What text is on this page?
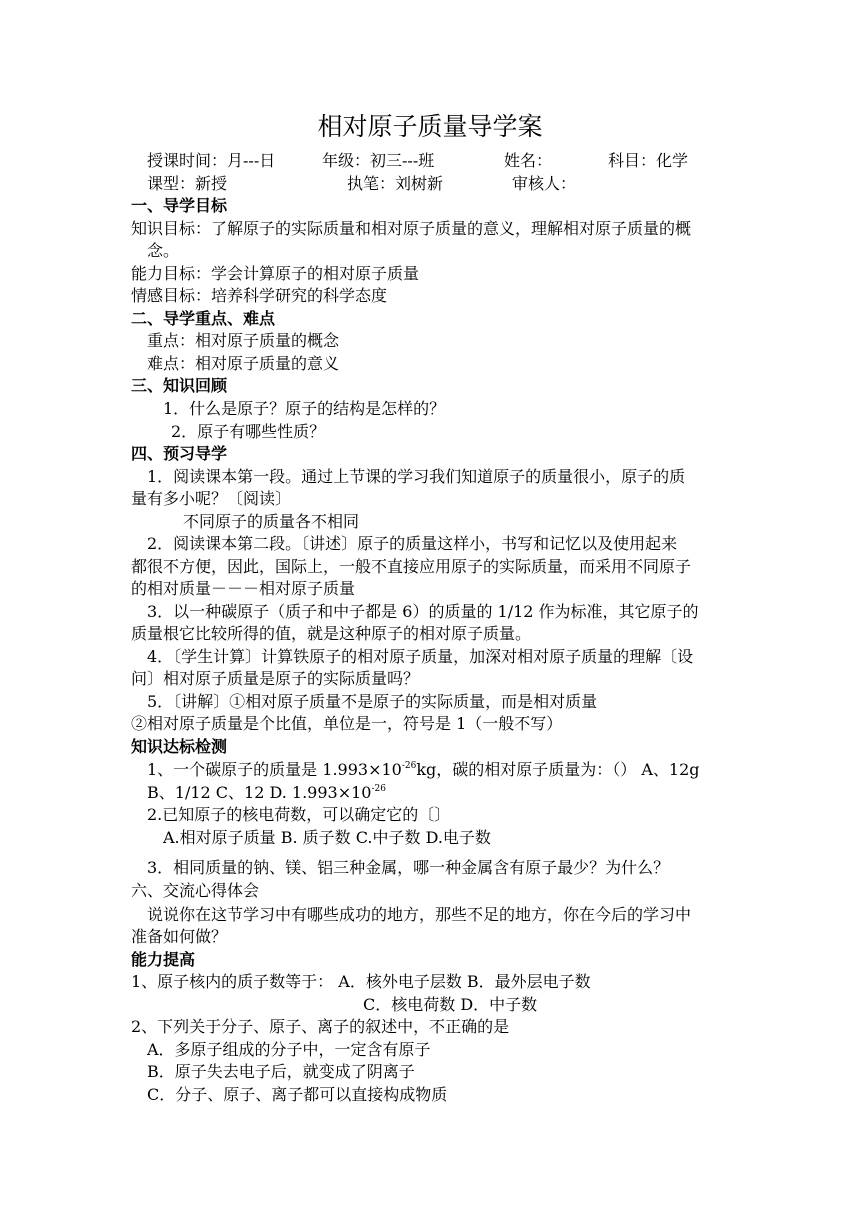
相对原子质量导学案
授课时间：月---日	年级：初三---班	姓名：	科目：化学
课型：新授	执笔：刘树新	审核人：
一、导学目标
知识目标：了解原子的实际质量和相对原子质量的意义，理解相对原子质量的概
念。
能力目标：学会计算原子的相对原子质量
情感目标：培养科学研究的科学态度
二、导学重点、难点
重点：相对原子质量的概念
难点：相对原子质量的意义
三、知识回顾
1．什么是原子？原子的结构是怎样的？
2．原子有哪些性质？
四、预习导学
1．阅读课本第一段。通过上节课的学习我们知道原子的质量很小，原子的质
量有多小呢？〔阅读〕
不同原子的质量各不相同
2．阅读课本第二段。〔讲述〕原子的质量这样小，书写和记忆以及使用起来
都很不方便，因此，国际上，一般不直接应用原子的实际质量，而采用不同原子
的相对质量－－－相对原子质量
3．以一种碳原子（质子和中子都是 6）的质量的 1/12 作为标准，其它原子的
质量根它比较所得的值，就是这种原子的相对原子质量。
4．〔学生计算〕计算铁原子的相对原子质量，加深对相对原子质量的理解〔设
问〕相对原子质量是原子的实际质量吗？
5．〔讲解〕①相对原子质量不是原子的实际质量，而是相对质量
②相对原子质量是个比值，单位是一，符号是 1（一般不写）
知识达标检测
1、一个碳原子的质量是 $1.993\times 10^{-26}kg$，碳的相对原子质量为：（） A、12g
B、1/12 C、12 D. $1.993\times 10^{-26}$
2.已知原子的核电荷数，可以确定它的〔〕
A.相对原子质量 B. 质子数 C.中子数 D.电子数
3．相同质量的钠、镁、铝三种金属，哪一种金属含有原子最少？为什么？
六、交流心得体会
说说你在这节学习中有哪些成功的地方，那些不足的地方，你在今后的学习中
准备如何做？
能力提高
1、原子核内的质子数等于： A．核外电子层数 B．最外层电子数
C．核电荷数 D．中子数
2、下列关于分子、原子、离子的叙述中，不正确的是
A．多原子组成的分子中，一定含有原子
B．原子失去电子后，就变成了阴离子
C．分子、原子、离子都可以直接构成物质
